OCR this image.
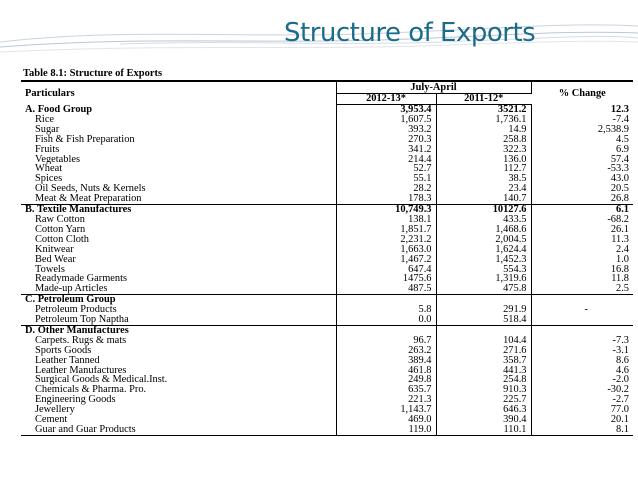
Structure of Exports
Table 8.1: Structure of Exports
Particulars	July-April		% Change
	2012-13*	2011-12*	
A. Food Group	3,953.4	3521.2	12.3
Rice	1,607.5	1,736.1	-7.4
Sugar	393.2	14.9	2,538.9
Fish & Fish Preparation	270.3	258.8	4.5
Fruits	341.2	322.3	6.9
Vegetables	214.4	136.0	57.4
Wheat	52.7	112.7	-53.3
Spices	55.1	38.5	43.0
Oil Seeds, Nuts & Kernels	28.2	23.4	20.5
Meat & Meat Preparation	178.3	140.7	26.8
B. Textile Manufactures	10,749.3	10127.6	6.1
Raw Cotton	138.1	433.5	-68.2
Cotton Yarn	1,851.7	1,468.6	26.1
Cotton Cloth	2,231.2	2,004.5	11.3
Knitwear	1,663.0	1,624.4	2.4
Bed Wear	1,467.2	1,452.3	1.0
Towels	647.4	554.3	16.8
Readymade Garments	1475.6	1,319.6	11.8
Made-up Articles	487.5	475.8	2.5
C. Petroleum Group			
Petroleum Products	5.8	291.9	-
Petroleum Top Naptha	0.0	518.4	
D. Other Manufactures			
Carpets. Rugs & mats	96.7	104.4	-7.3
Sports Goods	263.2	271.6	-3.1
Leather Tanned	389.4	358.7	8.6
Leather Manufactures	461.8	441.3	4.6
Surgical Goods & Medical.Inst.	249.8	254.8	-2.0
Chemicals & Pharma. Pro.	635.7	910.3	-30.2
Engineering Goods	221.3	225.7	-2.7
Jewellery	1,143.7	646.3	77.0
Cement	469.0	390.4	20.1
Guar and Guar Products	119.0	110.1	8.1
